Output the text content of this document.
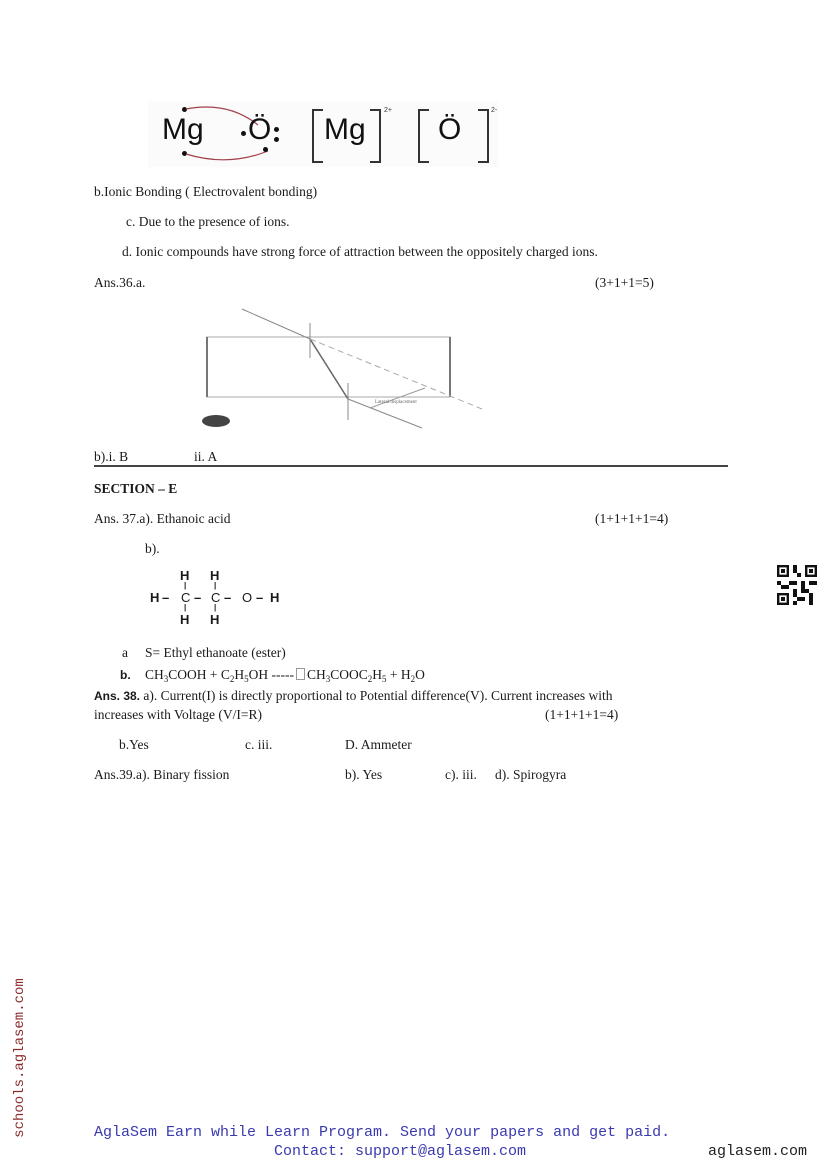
Mg Ö Mg
2+
Ö
2-
b.Ionic Bonding ( Electrovalent bonding)
c. Due to the presence of ions.
d. Ionic compounds have strong force of attraction between the oppositely charged ions.
Ans.36.a.	(3+1+1=5)
Lateral displacement
b).i. B	ii. A
SECTION – E
Ans. 37.a). Ethanoic acid	(1+1+1+1=4)
b).
H H
H – C – C – O – H
|	|
|	|
H H
a S= Ethyl ethanoate (ester)
b. $CH_3COOH + C_2H_5OH$ ----- $CH_3COOC_2H_5 + H_2O$
Ans. 38. a). Current(I) is directly proportional to Potential difference(V). Current increases with
increases with Voltage (V/I=R)	(1+1+1+1=4)
b.Yes	c. iii.	D. Ammeter
Ans.39.a). Binary fission	b). Yes	c). iii. d). Spirogyra
schools.aglasem.com	AglaSem Earn while Learn Program. Send your papers and get paid.
Contact: support@aglasem.com	aglasem.com
